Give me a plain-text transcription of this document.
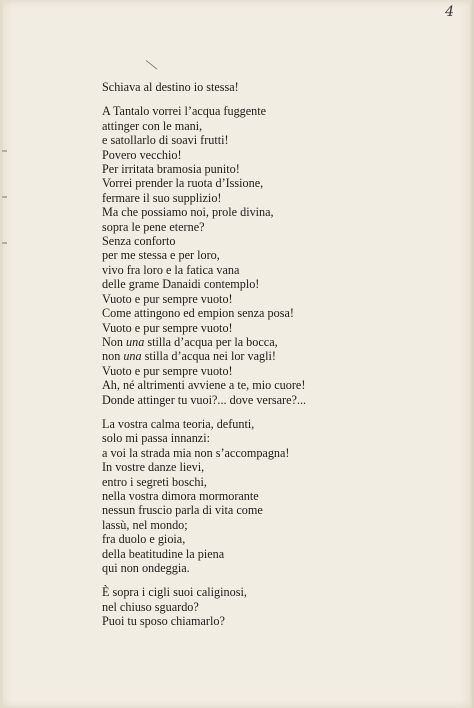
4
Schiava al destino io stessa!
A Tantalo vorrei l’acqua fuggente
attinger con le mani,
e satollarlo di soavi frutti!
Povero vecchio!
Per irritata bramosia punito!
Vorrei prender la ruota d’Issione,
fermare il suo supplizio!
Ma che possiamo noi, prole divina,
sopra le pene eterne?
Senza conforto
per me stessa e per loro,
vivo fra loro e la fatica vana
delle grame Danaidi contemplo!
Vuoto e pur sempre vuoto!
Come attingono ed empion senza posa!
Vuoto e pur sempre vuoto!
Non una stilla d’acqua per la bocca,
non una stilla d’acqua nei lor vagli!
Vuoto e pur sempre vuoto!
Ah, né altrimenti avviene a te, mio cuore!
Donde attinger tu vuoi?... dove versare?...
La vostra calma teoria, defunti,
solo mi passa innanzi:
a voi la strada mia non s’accompagna!
In vostre danze lievi,
entro i segreti boschi,
nella vostra dimora mormorante
nessun fruscio parla di vita come
lassù, nel mondo;
fra duolo e gioia,
della beatitudine la piena
qui non ondeggia.
È sopra i cigli suoi caliginosi,
nel chiuso sguardo?
Puoi tu sposo chiamarlo?
